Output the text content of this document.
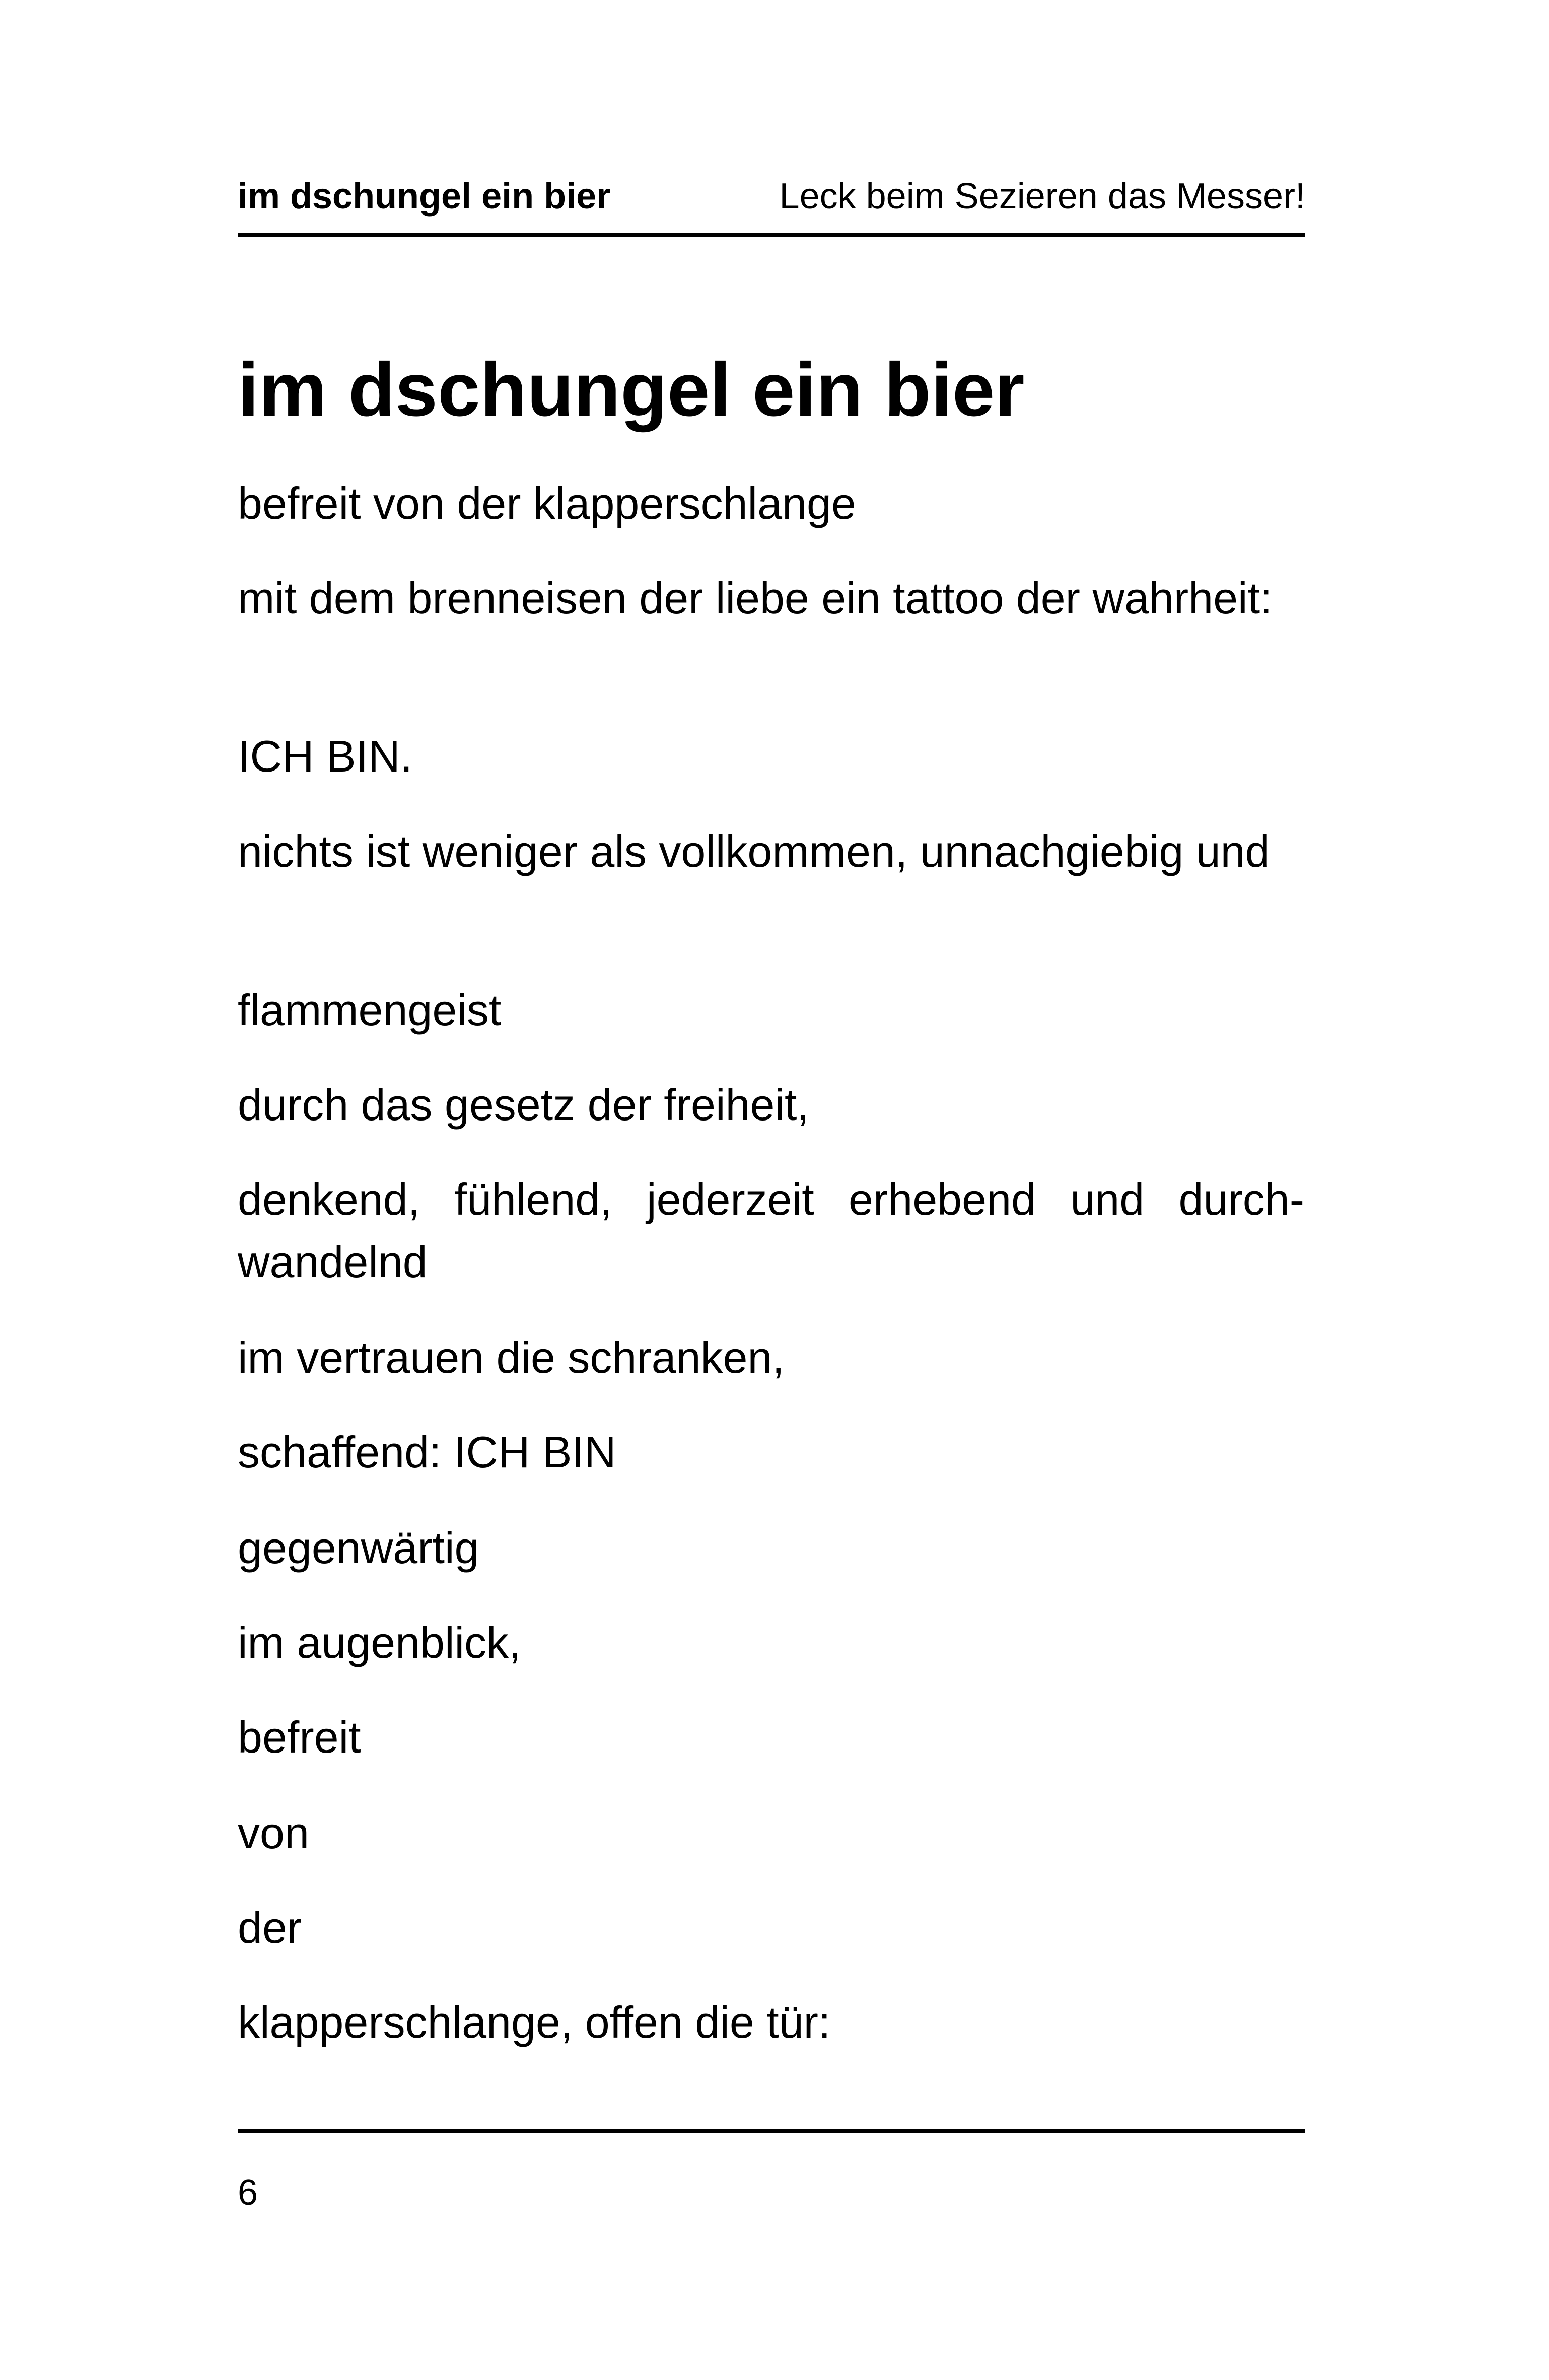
im dschungel ein bier	Leck beim Sezieren das Messer!
im dschungel ein bier

befreit von der klapperschlange

mit dem brenneisen der liebe ein tattoo der wahrheit:

ICH BIN.

nichts ist weniger als vollkommen, unnachgiebig und

flammengeist

durch das gesetz der freiheit,

denkend, fühlend, jederzeit erhebend und durchwandelnd

im vertrauen die schranken,

schaffend: ICH BIN

gegenwärtig

im augenblick,

befreit

von

der

klapperschlange, offen die tür:

6
